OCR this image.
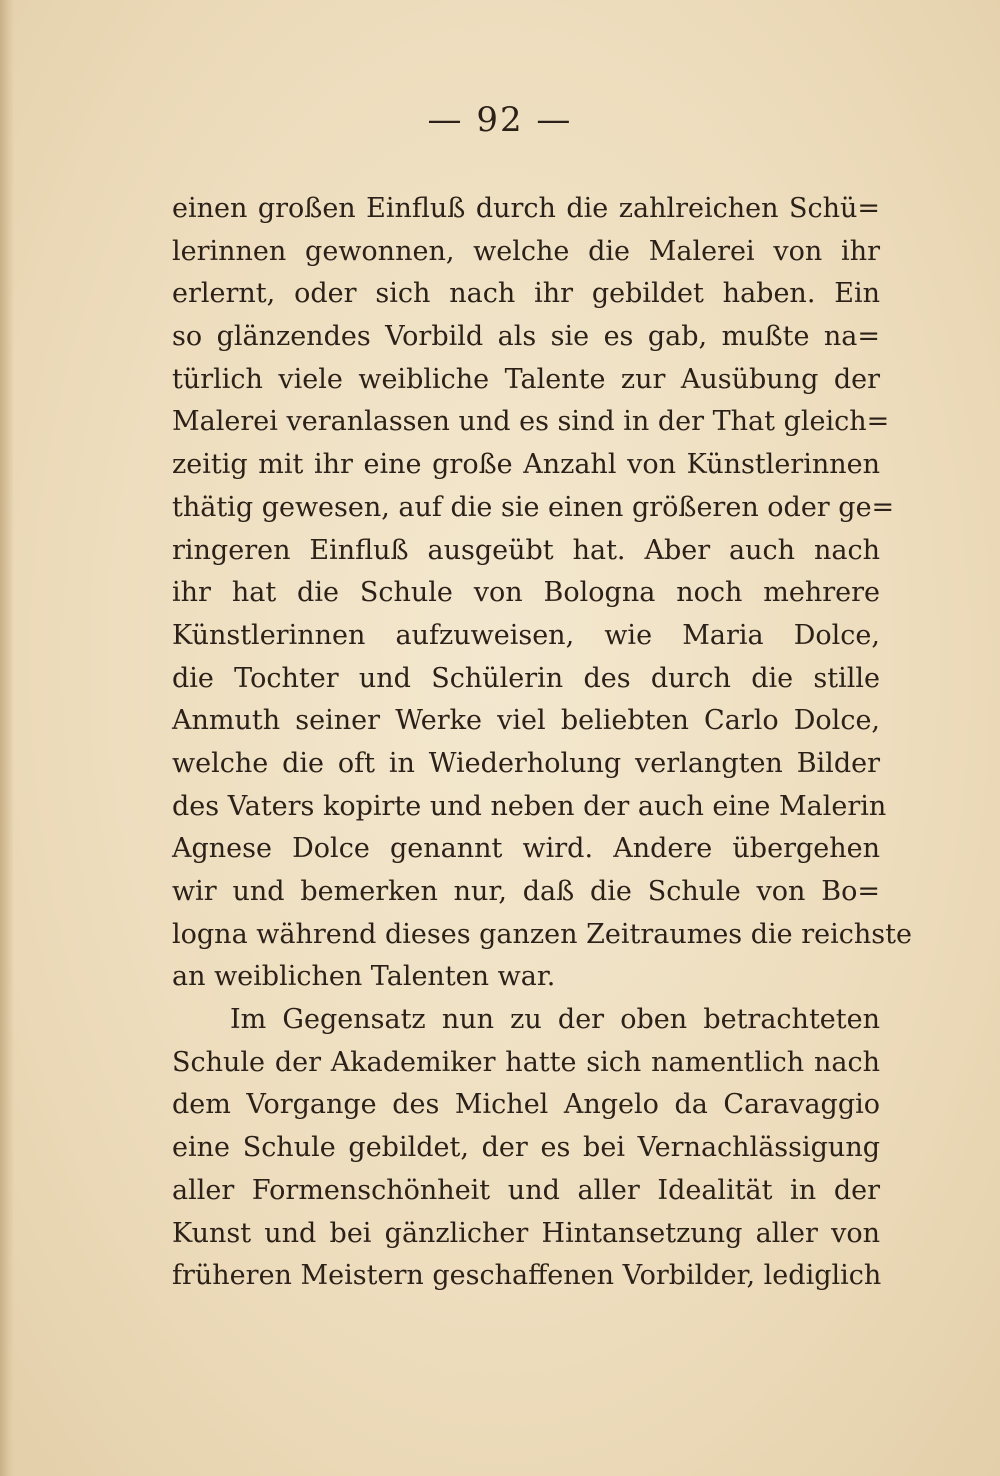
— 92 —
einen großen Einfluß durch die zahlreichen Schü=
lerinnen gewonnen, welche die Malerei von ihr
erlernt, oder sich nach ihr gebildet haben. Ein
so glänzendes Vorbild als sie es gab, mußte na=
türlich viele weibliche Talente zur Ausübung der
Malerei veranlassen und es sind in der That gleich=
zeitig mit ihr eine große Anzahl von Künstlerinnen
thätig gewesen, auf die sie einen größeren oder ge=
ringeren Einfluß ausgeübt hat. Aber auch nach
ihr hat die Schule von Bologna noch mehrere
Künstlerinnen aufzuweisen, wie Maria Dolce,
die Tochter und Schülerin des durch die stille
Anmuth seiner Werke viel beliebten Carlo Dolce,
welche die oft in Wiederholung verlangten Bilder
des Vaters kopirte und neben der auch eine Malerin
Agnese Dolce genannt wird. Andere übergehen
wir und bemerken nur, daß die Schule von Bo=
logna während dieses ganzen Zeitraumes die reichste
an weiblichen Talenten war.
Im Gegensatz nun zu der oben betrachteten
Schule der Akademiker hatte sich namentlich nach
dem Vorgange des Michel Angelo da Caravaggio
eine Schule gebildet, der es bei Vernachlässigung
aller Formenschönheit und aller Idealität in der
Kunst und bei gänzlicher Hintansetzung aller von
früheren Meistern geschaffenen Vorbilder, lediglich
